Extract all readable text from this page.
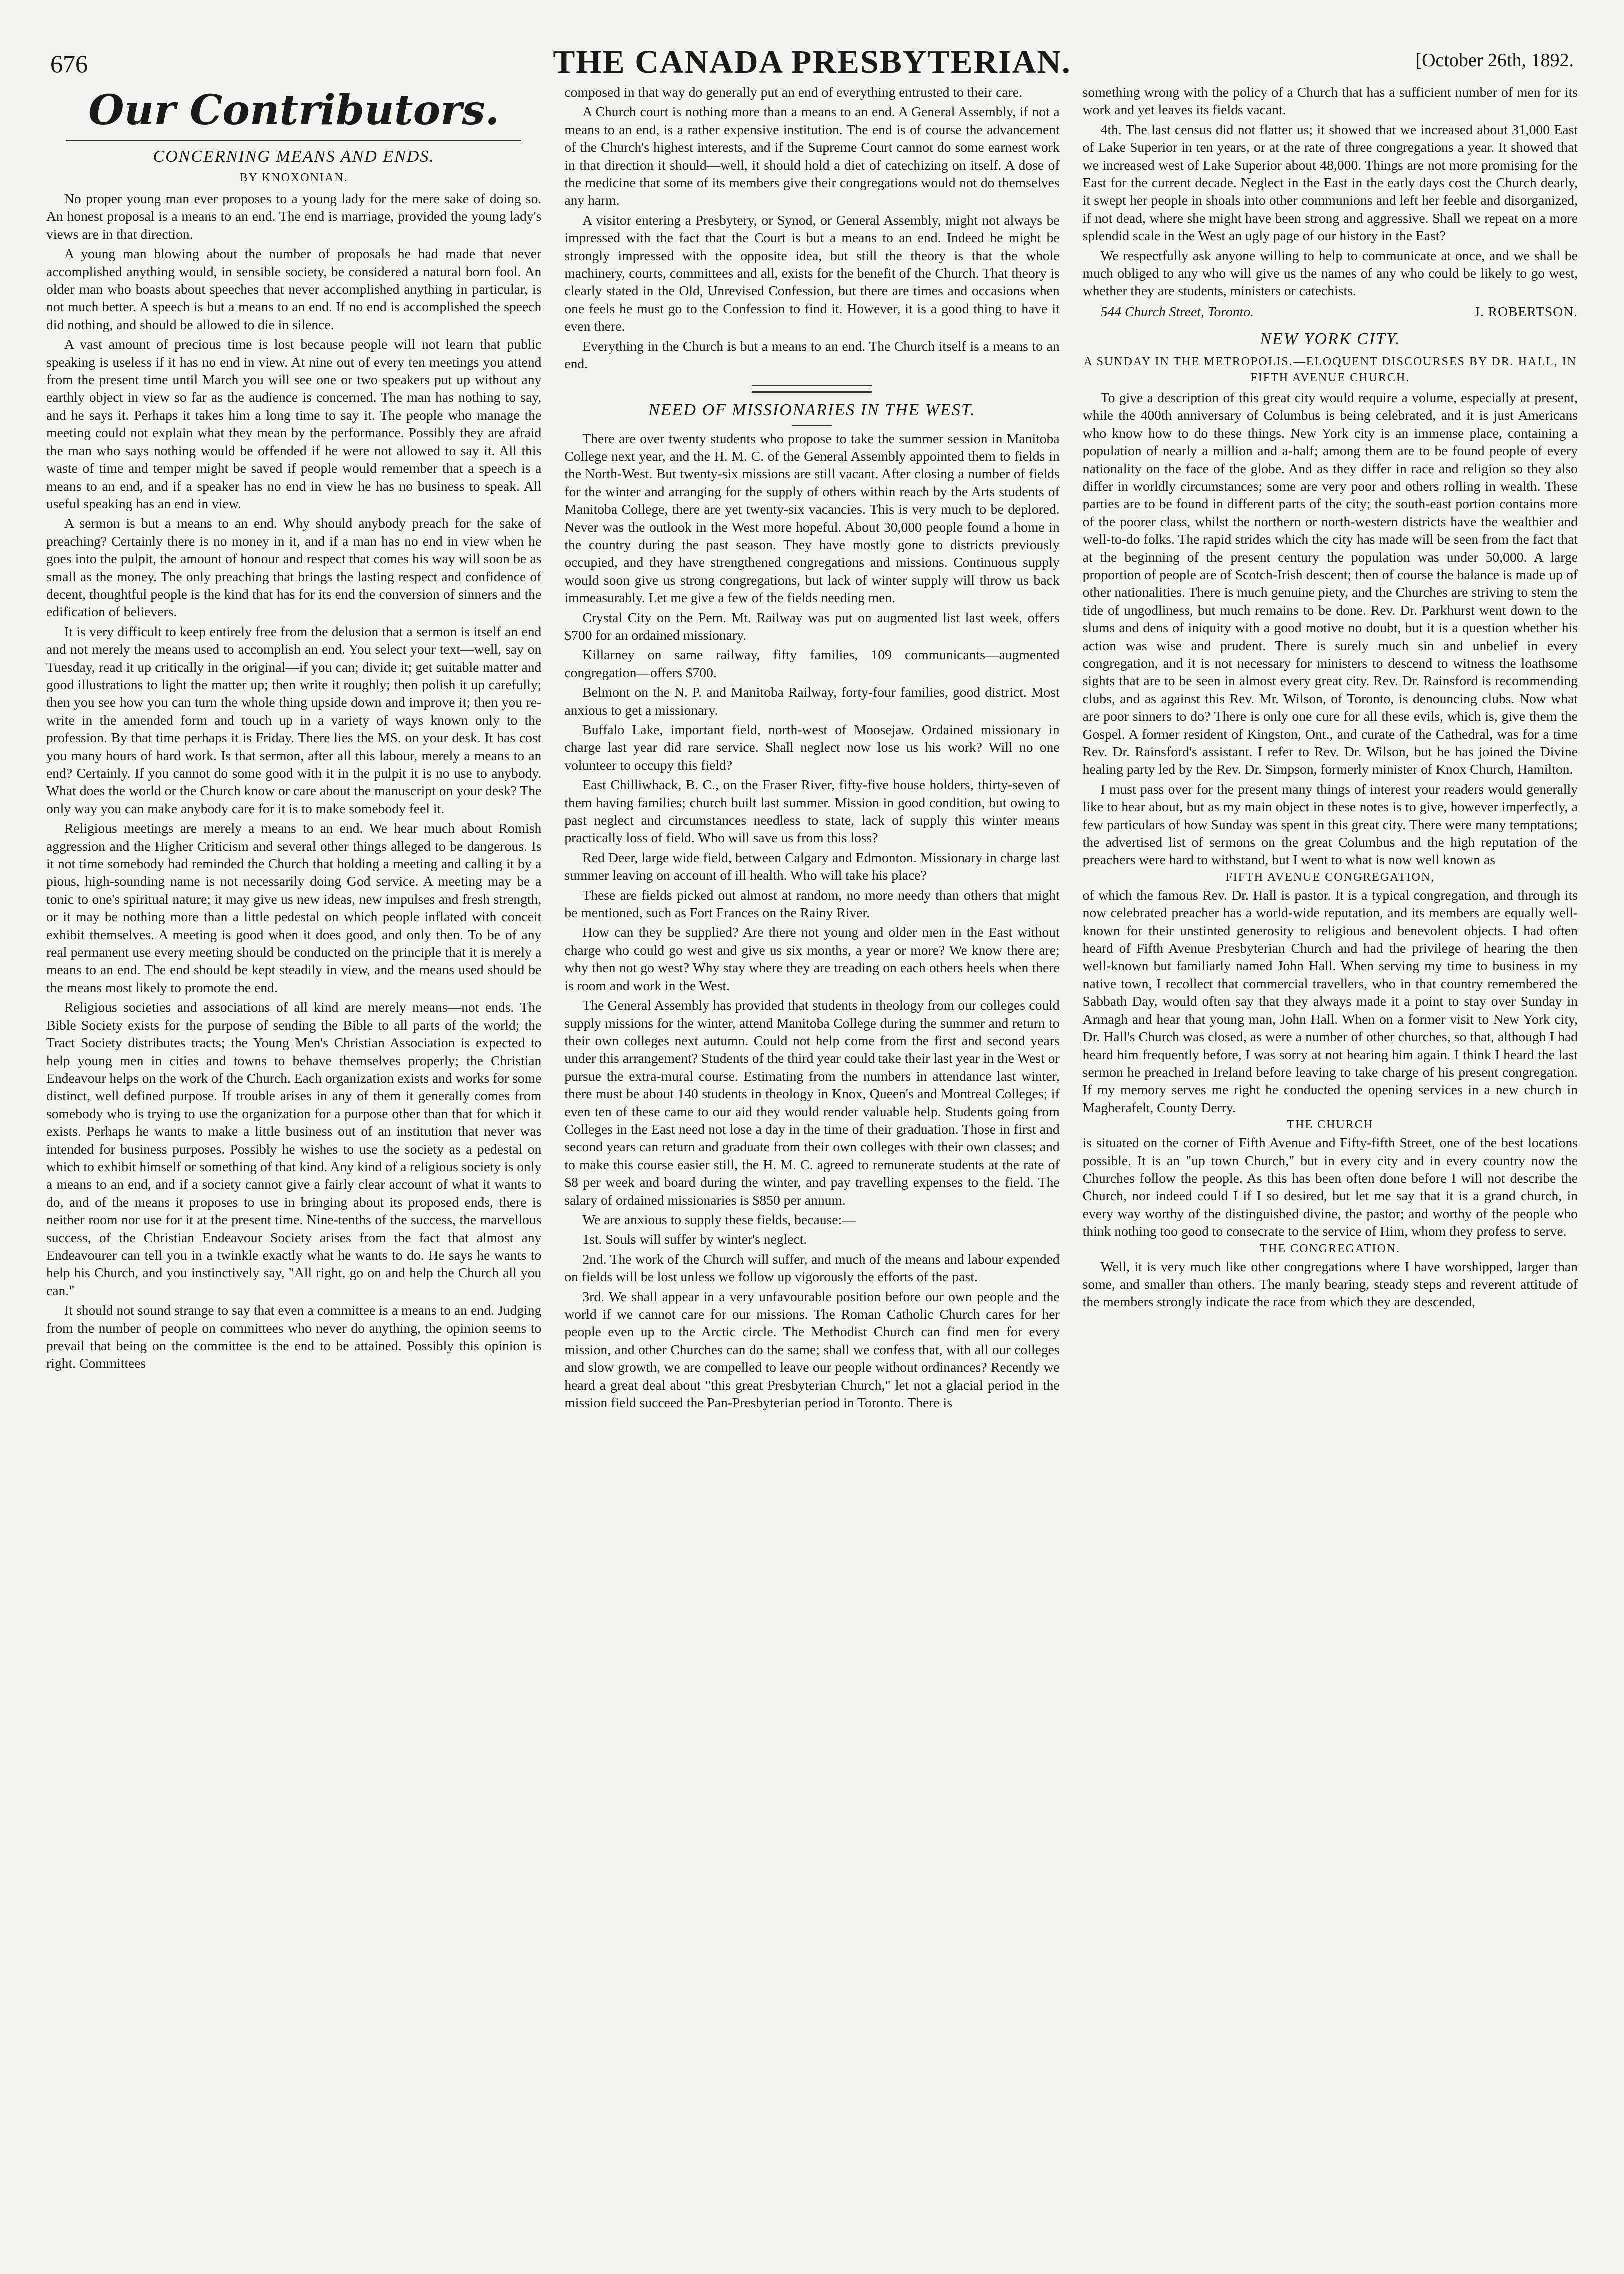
676	THE CANADA PRESBYTERIAN.	[October 26th, 1892.
Our Contributors.
CONCERNING MEANS AND ENDS.
BY KNOXONIAN.

No proper young man ever proposes to a young lady for the mere sake of doing so. An honest proposal is a means to an end. The end is marriage, provided the young lady's views are in that direction.

A young man blowing about the number of proposals he had made that never accomplished anything would, in sensible society, be considered a natural born fool. An older man who boasts about speeches that never accomplished anything in particular, is not much better. A speech is but a means to an end. If no end is accomplished the speech did nothing, and should be allowed to die in silence.

A vast amount of precious time is lost because people will not learn that public speaking is useless if it has no end in view. At nine out of every ten meetings you attend from the present time until March you will see one or two speakers put up without any earthly object in view so far as the audience is concerned. The man has nothing to say, and he says it. Perhaps it takes him a long time to say it. The people who manage the meeting could not explain what they mean by the performance. Possibly they are afraid the man who says nothing would be offended if he were not allowed to say it. All this waste of time and temper might be saved if people would remember that a speech is a means to an end, and if a speaker has no end in view he has no business to speak. All useful speaking has an end in view.

A sermon is but a means to an end. Why should anybody preach for the sake of preaching? Certainly there is no money in it, and if a man has no end in view when he goes into the pulpit, the amount of honour and respect that comes his way will soon be as small as the money. The only preaching that brings the lasting respect and confidence of decent, thoughtful people is the kind that has for its end the conversion of sinners and the edification of believers.

It is very difficult to keep entirely free from the delusion that a sermon is itself an end and not merely the means used to accomplish an end. You select your text—well, say on Tuesday, read it up critically in the original—if you can; divide it; get suitable matter and good illustrations to light the matter up; then write it roughly; then polish it up carefully; then you see how you can turn the whole thing upside down and improve it; then you re-write in the amended form and touch up in a variety of ways known only to the profession. By that time perhaps it is Friday. There lies the MS. on your desk. It has cost you many hours of hard work. Is that sermon, after all this labour, merely a means to an end? Certainly. If you cannot do some good with it in the pulpit it is no use to anybody. What does the world or the Church know or care about the manuscript on your desk? The only way you can make anybody care for it is to make somebody feel it.

Religious meetings are merely a means to an end. We hear much about Romish aggression and the Higher Criticism and several other things alleged to be dangerous. Is it not time somebody had reminded the Church that holding a meeting and calling it by a pious, high-sounding name is not necessarily doing God service. A meeting may be a tonic to one's spiritual nature; it may give us new ideas, new impulses and fresh strength, or it may be nothing more than a little pedestal on which people inflated with conceit exhibit themselves. A meeting is good when it does good, and only then. To be of any real permanent use every meeting should be conducted on the principle that it is merely a means to an end. The end should be kept steadily in view, and the means used should be the means most likely to promote the end.

Religious societies and associations of all kind are merely means—not ends. The Bible Society exists for the purpose of sending the Bible to all parts of the world; the Tract Society distributes tracts; the Young Men's Christian Association is expected to help young men in cities and towns to behave themselves properly; the Christian Endeavour helps on the work of the Church. Each organization exists and works for some distinct, well defined purpose. If trouble arises in any of them it generally comes from somebody who is trying to use the organization for a purpose other than that for which it exists. Perhaps he wants to make a little business out of an institution that never was intended for business purposes. Possibly he wishes to use the society as a pedestal on which to exhibit himself or something of that kind. Any kind of a religious society is only a means to an end, and if a society cannot give a fairly clear account of what it wants to do, and of the means it proposes to use in bringing about its proposed ends, there is neither room nor use for it at the present time. Nine-tenths of the success, the marvellous success, of the Christian Endeavour Society arises from the fact that almost any Endeavourer can tell you in a twinkle exactly what he wants to do. He says he wants to help his Church, and you instinctively say, "All right, go on and help the Church all you can."

It should not sound strange to say that even a committee is a means to an end. Judging from the number of people on committees who never do anything, the opinion seems to prevail that being on the committee is the end to be attained. Possibly this opinion is right. Committees

composed in that way do generally put an end of everything entrusted to their care.

A Church court is nothing more than a means to an end. A General Assembly, if not a means to an end, is a rather expensive institution. The end is of course the advancement of the Church's highest interests, and if the Supreme Court cannot do some earnest work in that direction it should—well, it should hold a diet of catechizing on itself. A dose of the medicine that some of its members give their congregations would not do themselves any harm.

A visitor entering a Presbytery, or Synod, or General Assembly, might not always be impressed with the fact that the Court is but a means to an end. Indeed he might be strongly impressed with the opposite idea, but still the theory is that the whole machinery, courts, committees and all, exists for the benefit of the Church. That theory is clearly stated in the Old, Unrevised Confession, but there are times and occasions when one feels he must go to the Confession to find it. However, it is a good thing to have it even there.

Everything in the Church is but a means to an end. The Church itself is a means to an end.

NEED OF MISSIONARIES IN THE WEST.

There are over twenty students who propose to take the summer session in Manitoba College next year, and the H. M. C. of the General Assembly appointed them to fields in the North-West. But twenty-six missions are still vacant. After closing a number of fields for the winter and arranging for the supply of others within reach by the Arts students of Manitoba College, there are yet twenty-six vacancies. This is very much to be deplored. Never was the outlook in the West more hopeful. About 30,000 people found a home in the country during the past season. They have mostly gone to districts previously occupied, and they have strengthened congregations and missions. Continuous supply would soon give us strong congregations, but lack of winter supply will throw us back immeasurably. Let me give a few of the fields needing men.

Crystal City on the Pem. Mt. Railway was put on augmented list last week, offers $700 for an ordained missionary.

Killarney on same railway, fifty families, 109 communicants—augmented congregation—offers $700.

Belmont on the N. P. and Manitoba Railway, forty-four families, good district. Most anxious to get a missionary.

Buffalo Lake, important field, north-west of Moosejaw. Ordained missionary in charge last year did rare service. Shall neglect now lose us his work? Will no one volunteer to occupy this field?

East Chilliwhack, B. C., on the Fraser River, fifty-five house holders, thirty-seven of them having families; church built last summer. Mission in good condition, but owing to past neglect and circumstances needless to state, lack of supply this winter means practically loss of field. Who will save us from this loss?

Red Deer, large wide field, between Calgary and Edmonton. Missionary in charge last summer leaving on account of ill health. Who will take his place?

These are fields picked out almost at random, no more needy than others that might be mentioned, such as Fort Frances on the Rainy River.

How can they be supplied? Are there not young and older men in the East without charge who could go west and give us six months, a year or more? We know there are; why then not go west? Why stay where they are treading on each others heels when there is room and work in the West.

The General Assembly has provided that students in theology from our colleges could supply missions for the winter, attend Manitoba College during the summer and return to their own colleges next autumn. Could not help come from the first and second years under this arrangement? Students of the third year could take their last year in the West or pursue the extra-mural course. Estimating from the numbers in attendance last winter, there must be about 140 students in theology in Knox, Queen's and Montreal Colleges; if even ten of these came to our aid they would render valuable help. Students going from Colleges in the East need not lose a day in the time of their graduation. Those in first and second years can return and graduate from their own colleges with their own classes; and to make this course easier still, the H. M. C. agreed to remunerate students at the rate of $8 per week and board during the winter, and pay travelling expenses to the field. The salary of ordained missionaries is $850 per annum.

We are anxious to supply these fields, because:—

1st. Souls will suffer by winter's neglect.

2nd. The work of the Church will suffer, and much of the means and labour expended on fields will be lost unless we follow up vigorously the efforts of the past.

3rd. We shall appear in a very unfavourable position before our own people and the world if we cannot care for our missions. The Roman Catholic Church cares for her people even up to the Arctic circle. The Methodist Church can find men for every mission, and other Churches can do the same; shall we confess that, with all our colleges and slow growth, we are compelled to leave our people without ordinances? Recently we heard a great deal about "this great Presbyterian Church," let not a glacial period in the mission field succeed the Pan-Presbyterian period in Toronto. There is

something wrong with the policy of a Church that has a sufficient number of men for its work and yet leaves its fields vacant.

4th. The last census did not flatter us; it showed that we increased about 31,000 East of Lake Superior in ten years, or at the rate of three congregations a year. It showed that we increased west of Lake Superior about 48,000. Things are not more promising for the East for the current decade. Neglect in the East in the early days cost the Church dearly, it swept her people in shoals into other communions and left her feeble and disorganized, if not dead, where she might have been strong and aggressive. Shall we repeat on a more splendid scale in the West an ugly page of our history in the East?

We respectfully ask anyone willing to help to communicate at once, and we shall be much obliged to any who will give us the names of any who could be likely to go west, whether they are students, ministers or catechists.

544 Church Street, Toronto.	J. ROBERTSON.
NEW YORK CITY.
A SUNDAY IN THE METROPOLIS.—ELOQUENT DISCOURSES BY DR. HALL, IN FIFTH AVENUE CHURCH.

To give a description of this great city would require a volume, especially at present, while the 400th anniversary of Columbus is being celebrated, and it is just Americans who know how to do these things. New York city is an immense place, containing a population of nearly a million and a-half; among them are to be found people of every nationality on the face of the globe. And as they differ in race and religion so they also differ in worldly circumstances; some are very poor and others rolling in wealth. These parties are to be found in different parts of the city; the south-east portion contains more of the poorer class, whilst the northern or north-western districts have the wealthier and well-to-do folks. The rapid strides which the city has made will be seen from the fact that at the beginning of the present century the population was under 50,000. A large proportion of people are of Scotch-Irish descent; then of course the balance is made up of other nationalities. There is much genuine piety, and the Churches are striving to stem the tide of ungodliness, but much remains to be done. Rev. Dr. Parkhurst went down to the slums and dens of iniquity with a good motive no doubt, but it is a question whether his action was wise and prudent. There is surely much sin and unbelief in every congregation, and it is not necessary for ministers to descend to witness the loathsome sights that are to be seen in almost every great city. Rev. Dr. Rainsford is recommending clubs, and as against this Rev. Mr. Wilson, of Toronto, is denouncing clubs. Now what are poor sinners to do? There is only one cure for all these evils, which is, give them the Gospel. A former resident of Kingston, Ont., and curate of the Cathedral, was for a time Rev. Dr. Rainsford's assistant. I refer to Rev. Dr. Wilson, but he has joined the Divine healing party led by the Rev. Dr. Simpson, formerly minister of Knox Church, Hamilton.

I must pass over for the present many things of interest your readers would generally like to hear about, but as my main object in these notes is to give, however imperfectly, a few particulars of how Sunday was spent in this great city. There were many temptations; the advertised list of sermons on the great Columbus and the high reputation of the preachers were hard to withstand, but I went to what is now well known as

FIFTH AVENUE CONGREGATION,

of which the famous Rev. Dr. Hall is pastor. It is a typical congregation, and through its now celebrated preacher has a world-wide reputation, and its members are equally well-known for their unstinted generosity to religious and benevolent objects. I had often heard of Fifth Avenue Presbyterian Church and had the privilege of hearing the then well-known but familiarly named John Hall. When serving my time to business in my native town, I recollect that commercial travellers, who in that country remembered the Sabbath Day, would often say that they always made it a point to stay over Sunday in Armagh and hear that young man, John Hall. When on a former visit to New York city, Dr. Hall's Church was closed, as were a number of other churches, so that, although I had heard him frequently before, I was sorry at not hearing him again. I think I heard the last sermon he preached in Ireland before leaving to take charge of his present congregation. If my memory serves me right he conducted the opening services in a new church in Magherafelt, County Derry.

THE CHURCH

is situated on the corner of Fifth Avenue and Fifty-fifth Street, one of the best locations possible. It is an "up town Church," but in every city and in every country now the Churches follow the people. As this has been often done before I will not describe the Church, nor indeed could I if I so desired, but let me say that it is a grand church, in every way worthy of the distinguished divine, the pastor; and worthy of the people who think nothing too good to consecrate to the service of Him, whom they profess to serve.

THE CONGREGATION.

Well, it is very much like other congregations where I have worshipped, larger than some, and smaller than others. The manly bearing, steady steps and reverent attitude of the members strongly indicate the race from which they are descended,
